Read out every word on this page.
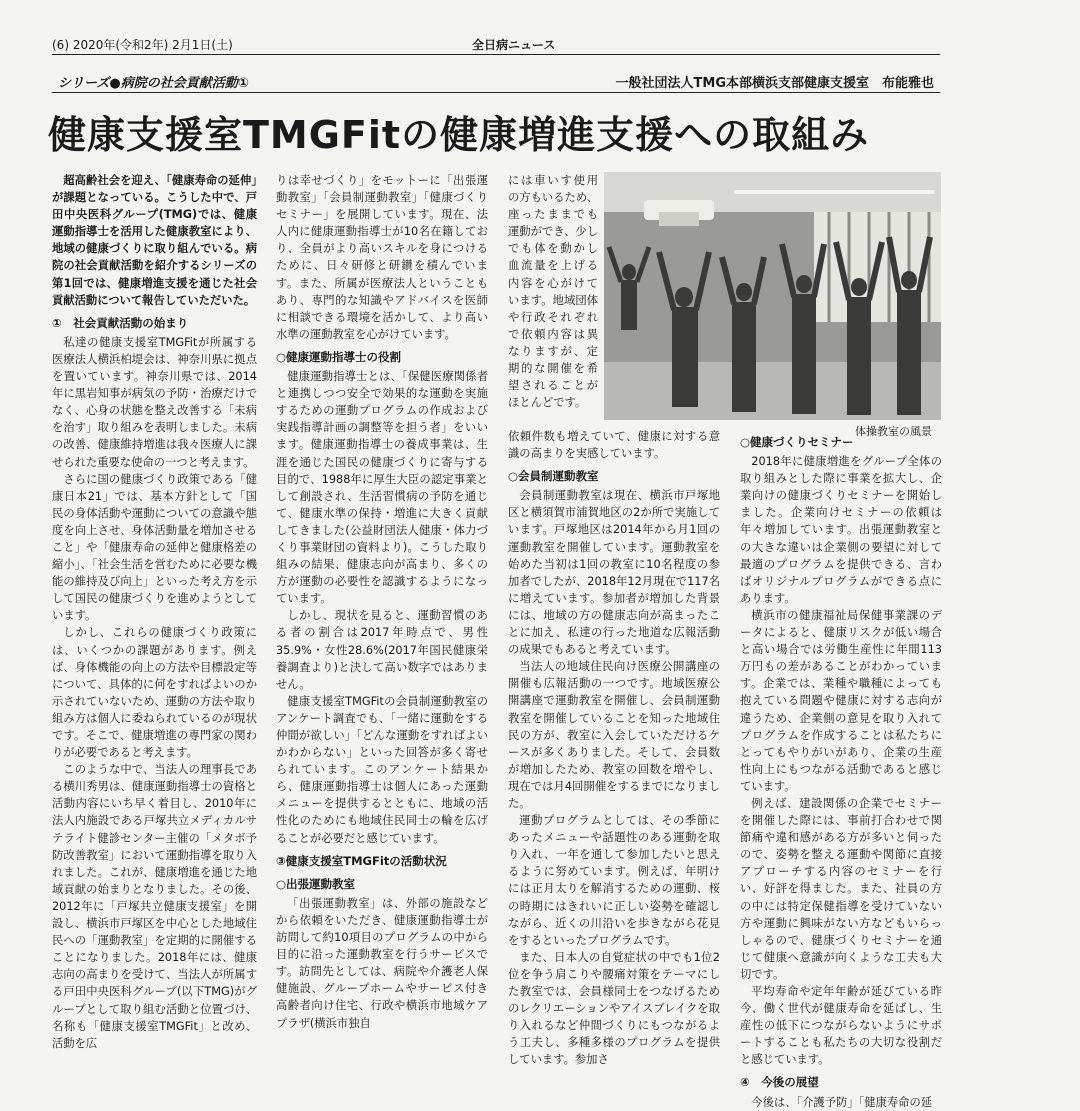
(6) 2020年(令和2年) 2月1日(土)	全日病ニュース
シリーズ●病院の社会貢献活動①	一般社団法人TMG本部横浜支部健康支援室　布能雅也
健康支援室TMGFitの健康増進支援への取組み

超高齢社会を迎え、「健康寿命の延伸」が課題となっている。こうした中で、戸田中央医科グループ(TMG)では、健康運動指導士を活用した健康教室により、地域の健康づくりに取り組んでいる。病院の社会貢献活動を紹介するシリーズの第1回では、健康増進支援を通じた社会貢献活動について報告していただいた。

①　社会貢献活動の始まり

私達の健康支援室TMGFitが所属する医療法人横浜柏堤会は、神奈川県に拠点を置いています。神奈川県では、2014年に黒岩知事が病気の予防・治療だけでなく、心身の状態を整え改善する「未病を治す」取り組みを表明しました。未病の改善、健康維持増進は我々医療人に課せられた重要な使命の一つと考えます。

さらに国の健康づくり政策である「健康日本21」では、基本方針として「国民の身体活動や運動についての意識や態度を向上させ、身体活動量を増加させること」や「健康寿命の延伸と健康格差の縮小」、「社会生活を営むために必要な機能の維持及び向上」といった考え方を示して国民の健康づくりを進めようとしています。

しかし、これらの健康づくり政策には、いくつかの課題があります。例えば、身体機能の向上の方法や目標設定等について、具体的に何をすればよいのか示されていないため、運動の方法や取り組み方は個人に委ねられているのが現状です。そこで、健康増進の専門家の関わりが必要であると考えます。

このような中で、当法人の理事長である横川秀男は、健康運動指導士の資格と活動内容にいち早く着目し、2010年に法人内施設である戸塚共立メディカルサテライト健診センター主催の「メタボ予防改善教室」において運動指導を取り入れました。これが、健康増進を通じた地域貢献の始まりとなりました。その後、2012年に「戸塚共立健康支援室」を開設し、横浜市戸塚区を中心とした地域住民への「運動教室」を定期的に開催することになりました。2018年には、健康志向の高まりを受けて、当法人が所属する戸田中央医科グループ(以下TMG)がグループとして取り組む活動と位置づけ、名称も「健康支援室TMGFit」と改め、活動を広

りは幸せづくり」をモットーに「出張運動教室」「会員制運動教室」「健康づくりセミナー」を展開しています。現在、法人内に健康運動指導士が10名在籍しており、全員がより高いスキルを身につけるために、日々研修と研鑽を積んでいます。また、所属が医療法人ということもあり、専門的な知識やアドバイスを医師に相談できる環境を活かして、より高い水準の運動教室を心がけています。

○健康運動指導士の役割

健康運動指導士とは、「保健医療関係者と連携しつつ安全で効果的な運動を実施するための運動プログラムの作成および実践指導計画の調整等を担う者」をいいます。健康運動指導士の養成事業は、生涯を通じた国民の健康づくりに寄与する目的で、1988年に厚生大臣の認定事業として創設され、生活習慣病の予防を通じて、健康水準の保持・増進に大きく貢献してきました(公益財団法人健康・体力づくり事業財団の資料より)。こうした取り組みの結果、健康志向が高まり、多くの方が運動の必要性を認識するようになっています。

しかし、現状を見ると、運動習慣のある者の割合は2017年時点で、男性35.9%・女性28.6%(2017年国民健康栄養調査より)と決して高い数字ではありません。

健康支援室TMGFitの会員制運動教室のアンケート調査でも、「一緒に運動をする仲間が欲しい」「どんな運動をすればよいかわからない」といった回答が多く寄せられています。このアンケート結果から、健康運動指導士は個人にあった運動メニューを提供するとともに、地域の活性化のためにも地域住民同士の輪を広げることが必要だと感じています。

③健康支援室TMGFitの活動状況
○出張運動教室

「出張運動教室」は、外部の施設などから依頼をいただき、健康運動指導士が訪問して約10項目のプログラムの中から目的に沿った運動教室を行うサービスです。訪問先としては、病院や介護老人保健施設、グループホームやサービス付き高齢者向け住宅、行政や横浜市地域ケアプラザ(横浜市独自

には車いす使用の方もいるため、座ったままでも運動ができ、少しでも体を動かし血流量を上げる内容を心がけています。地域団体や行政それぞれで依頼内容は異なりますが、定期的な開催を希望されることがほとんどです。

依頼件数も増えていて、健康に対する意識の高まりを実感しています。

○会員制運動教室

会員制運動教室は現在、横浜市戸塚地区と横須賀市浦賀地区の2か所で実施しています。戸塚地区は2014年から月1回の運動教室を開催しています。運動教室を始めた当初は1回の教室に10名程度の参加者でしたが、2018年12月現在で117名に増えています。参加者が増加した背景には、地域の方の健康志向が高まったことに加え、私達の行った地道な広報活動の成果でもあると考えています。

当法人の地域住民向け医療公開講座の開催も広報活動の一つです。地域医療公開講座で運動教室を開催し、会員制運動教室を開催していることを知った地域住民の方が、教室に入会していただけるケースが多くありました。そして、会員数が増加したため、教室の回数を増やし、現在では月4回開催をするまでになりました。

運動プログラムとしては、その季節にあったメニューや話題性のある運動を取り入れ、一年を通して参加したいと思えるように努めています。例えば、年明けには正月太りを解消するための運動、桜の時期にはきれいに正しい姿勢を確認しながら、近くの川沿いを歩きながら花見をするといったプログラムです。

また、日本人の自覚症状の中でも1位2位を争う肩こりや腰痛対策をテーマにした教室では、会員様同士をつなげるためのレクリエーションやアイスブレイクを取り入れるなど仲間づくりにもつながるよう工夫し、多種多様のプログラムを提供しています。参加さ

体操教室の風景
○健康づくりセミナー

2018年に健康増進をグループ全体の取り組みとした際に事業を拡大し、企業向けの健康づくりセミナーを開始しました。企業向けセミナーの依頼は年々増加しています。出張運動教室との大きな違いは企業側の要望に対して最適のプログラムを提供できる、言わばオリジナルプログラムができる点にあります。

横浜市の健康福祉局保健事業課のデータによると、健康リスクが低い場合と高い場合では労働生産性に年間113万円もの差があることがわかっています。企業では、業種や職種によっても抱えている問題や健康に対する志向が違うため、企業側の意見を取り入れてプログラムを作成することは私たちにとってもやりがいがあり、企業の生産性向上にもつながる活動であると感じています。

例えば、建設関係の企業でセミナーを開催した際には、事前打合わせで関節痛や違和感がある方が多いと伺ったので、姿勢を整える運動や関節に直接アプローチする内容のセミナーを行い、好評を得ました。また、社員の方の中には特定保健指導を受けていない方や運動に興味がない方などもいらっしゃるので、健康づくりセミナーを通じて健康へ意識が向くような工夫も大切です。

平均寿命や定年年齢が延びている昨今、働く世代が健康寿命を延ばし、生産性の低下につながらないようにサポートすることも私たちの大切な役割だと感じています。

④　今後の展望

今後は、「介護予防」「健康寿命の延
